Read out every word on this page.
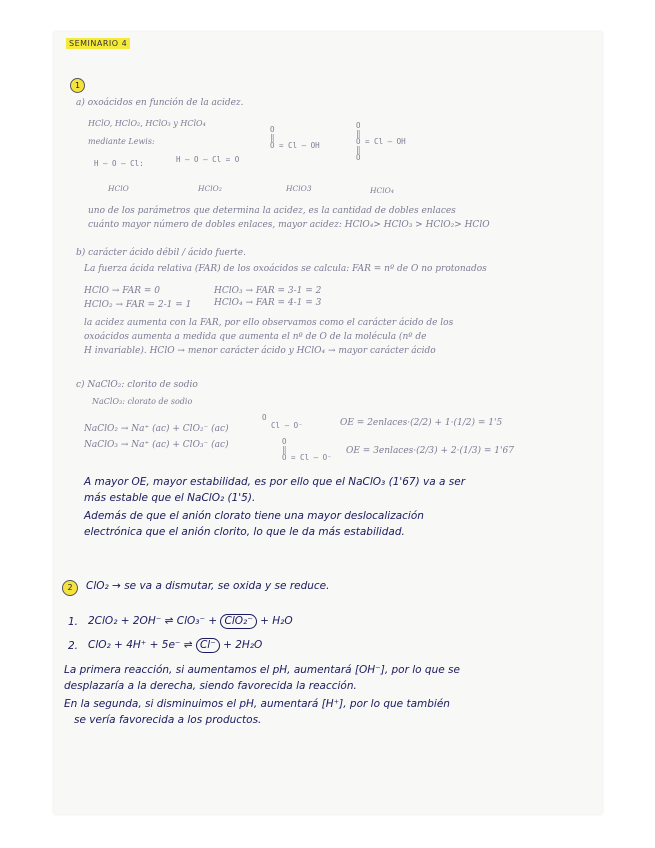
SEMINARIO 4
1
a) oxoácidos en función de la acidez.
HClO, HClO₂, HClO₃ y HClO₄
mediante Lewis:
H – O – Cl:	H – O – Cl = O
O
‖
O = Cl – OH
O
‖
O = Cl – OH
‖
O
HClO	HClO₂	HClO3	HClO₄
uno de los parámetros que determina la acidez, es la cantidad de dobles enlaces
cuánto mayor número de dobles enlaces, mayor acidez: HClO₄> HClO₃ > HClO₂> HClO
b) carácter ácido débil / ácido fuerte.
La fuerza ácida relativa (FAR) de los oxoácidos se calcula: FAR = nº de O no protonados
HClO → FAR = 0	HClO₃ → FAR = 3-1 = 2
HClO₂ → FAR = 2-1 = 1	HClO₄ → FAR = 4-1 = 3
la acidez aumenta con la FAR, por ello observamos como el carácter ácido de los
oxoácidos aumenta a medida que aumenta el nº de O de la molécula (nº de
H invariable). HClO → menor carácter ácido y HClO₄ → mayor carácter ácido
c) NaClO₂: clorito de sodio
NaClO₃: clorato de sodio
NaClO₂ → Na⁺ (ac) + ClO₂⁻ (ac)
NaClO₃ → Na⁺ (ac) + ClO₃⁻ (ac)
O
Cl – O⁻
O
‖
O = Cl – O⁻
OE = 2enlaces·(2/2) + 1·(1/2) = 1'5
OE = 3enlaces·(2/3) + 2·(1/3) = 1'67
A mayor OE, mayor estabilidad, es por ello que el NaClO₃ (1'67) va a ser
más estable que el NaClO₂ (1'5).
Además de que el anión clorato tiene una mayor deslocalización
electrónica que el anión clorito, lo que le da más estabilidad.
2	ClO₂ → se va a dismutar, se oxida y se reduce.
1. 2ClO₂ + 2OH⁻ ⇌ ClO₃⁻ + ClO₂⁻ + H₂O
2. ClO₂ + 4H⁺ + 5e⁻ ⇌ Cl⁻ + 2H₂O
La primera reacción, si aumentamos el pH, aumentará [OH⁻], por lo que se
desplazaría a la derecha, siendo favorecida la reacción.
En la segunda, si disminuimos el pH, aumentará [H⁺], por lo que también
se vería favorecida a los productos.
